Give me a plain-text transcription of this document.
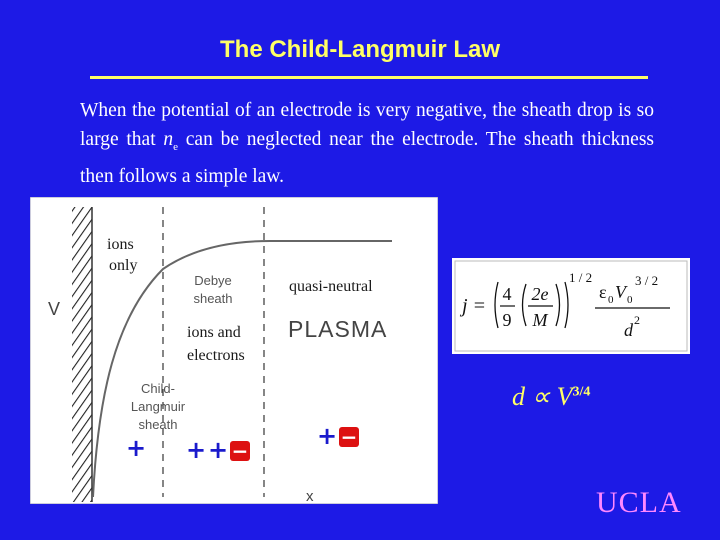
The Child-Langmuir Law
When the potential of an electrode is very negative, the sheath drop is so large that $n_e$ can be neglected near the electrode. The sheath thickness then follows a simple law.
V
x
ions
only
Debye
sheath
quasi-neutral
PLASMA
ions and
electrons
Child-
Langmuir
sheath
+ + + −
+ −
j =
4
9
2e
M
1 / 2
ε 0 V 0
3 / 2
d 2
$d \propto V^{3/4}$
UCLA
